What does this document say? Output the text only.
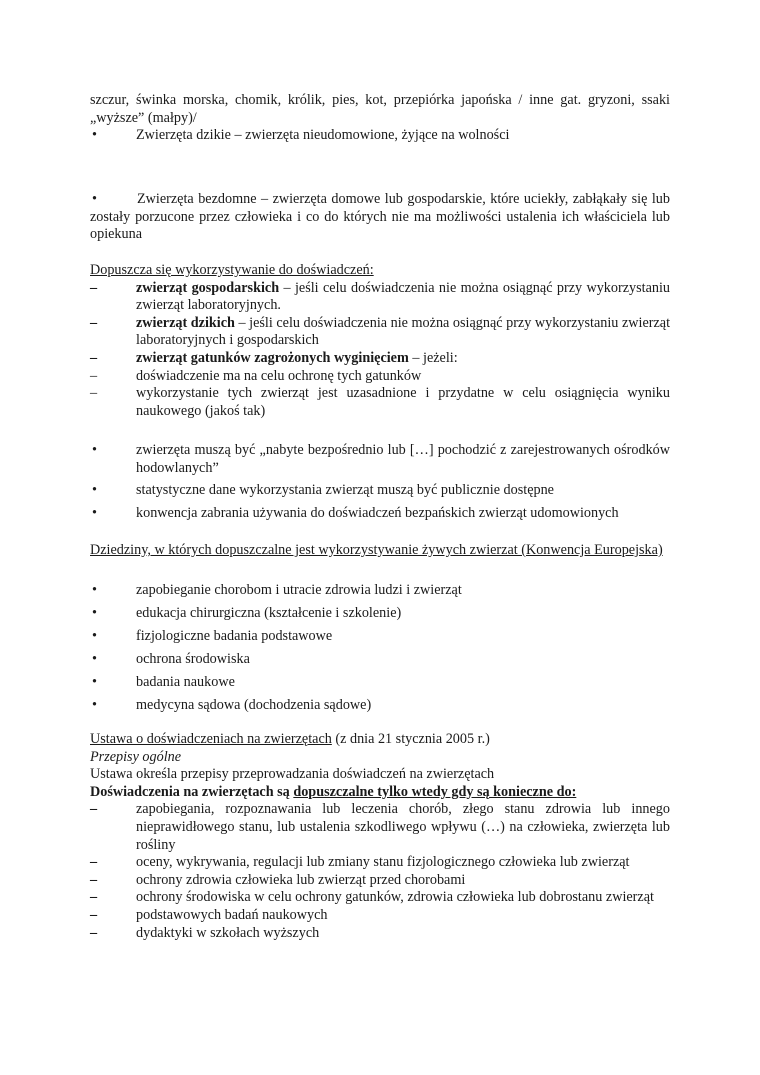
szczur, świnka morska, chomik, królik, pies, kot, przepiórka japońska / inne gat. gryzoni, ssaki „wyższe” (małpy)/

•	Zwierzęta dzikie – zwierzęta nieudomowione, żyjące na wolności

•	Zwierzęta bezdomne – zwierzęta domowe lub gospodarskie, które uciekły, zabłąkały się lub zostały porzucone przez człowieka i co do których nie ma możliwości ustalenia ich właściciela lub opiekuna

Dopuszcza się wykorzystywanie do doświadczeń:

–	zwierząt gospodarskich – jeśli celu doświadczenia nie można osiągnąć przy wykorzystaniu zwierząt laboratoryjnych.

–	zwierząt dzikich – jeśli celu doświadczenia nie można osiągnąć przy wykorzystaniu zwierząt laboratoryjnych i gospodarskich

–	zwierząt gatunków zagrożonych wyginięciem – jeżeli:

–	doświadczenie ma na celu ochronę tych gatunków

–	wykorzystanie tych zwierząt jest uzasadnione i przydatne w celu osiągnięcia wyniku naukowego (jakoś tak)

•	zwierzęta muszą być „nabyte bezpośrednio lub […] pochodzić z zarejestrowanych ośrodków hodowlanych”
•	statystyczne dane wykorzystania zwierząt muszą być publicznie dostępne
•	konwencja zabrania używania do doświadczeń bezpańskich zwierząt udomowionych

Dziedziny, w których dopuszczalne jest wykorzystywanie żywych zwierzat (Konwencja Europejska)

•	zapobieganie chorobom i utracie zdrowia ludzi i zwierząt
•	edukacja chirurgiczna (kształcenie i szkolenie)
•	fizjologiczne badania podstawowe
•	ochrona środowiska
•	badania naukowe
•	medycyna sądowa (dochodzenia sądowe)

Ustawa o doświadczeniach na zwierzętach (z dnia 21 stycznia 2005 r.)

Przepisy ogólne

Ustawa określa przepisy przeprowadzania doświadczeń na zwierzętach

Doświadczenia na zwierzętach są dopuszczalne tylko wtedy gdy są konieczne do:

–	zapobiegania, rozpoznawania lub leczenia chorób, złego stanu zdrowia lub innego nieprawidłowego stanu, lub ustalenia szkodliwego wpływu (…) na człowieka, zwierzęta lub rośliny

–	oceny, wykrywania, regulacji lub zmiany stanu fizjologicznego człowieka lub zwierząt

–	ochrony zdrowia człowieka lub zwierząt przed chorobami

–	ochrony środowiska w celu ochrony gatunków, zdrowia człowieka lub dobrostanu zwierząt

–	podstawowych badań naukowych

–	dydaktyki w szkołach wyższych
